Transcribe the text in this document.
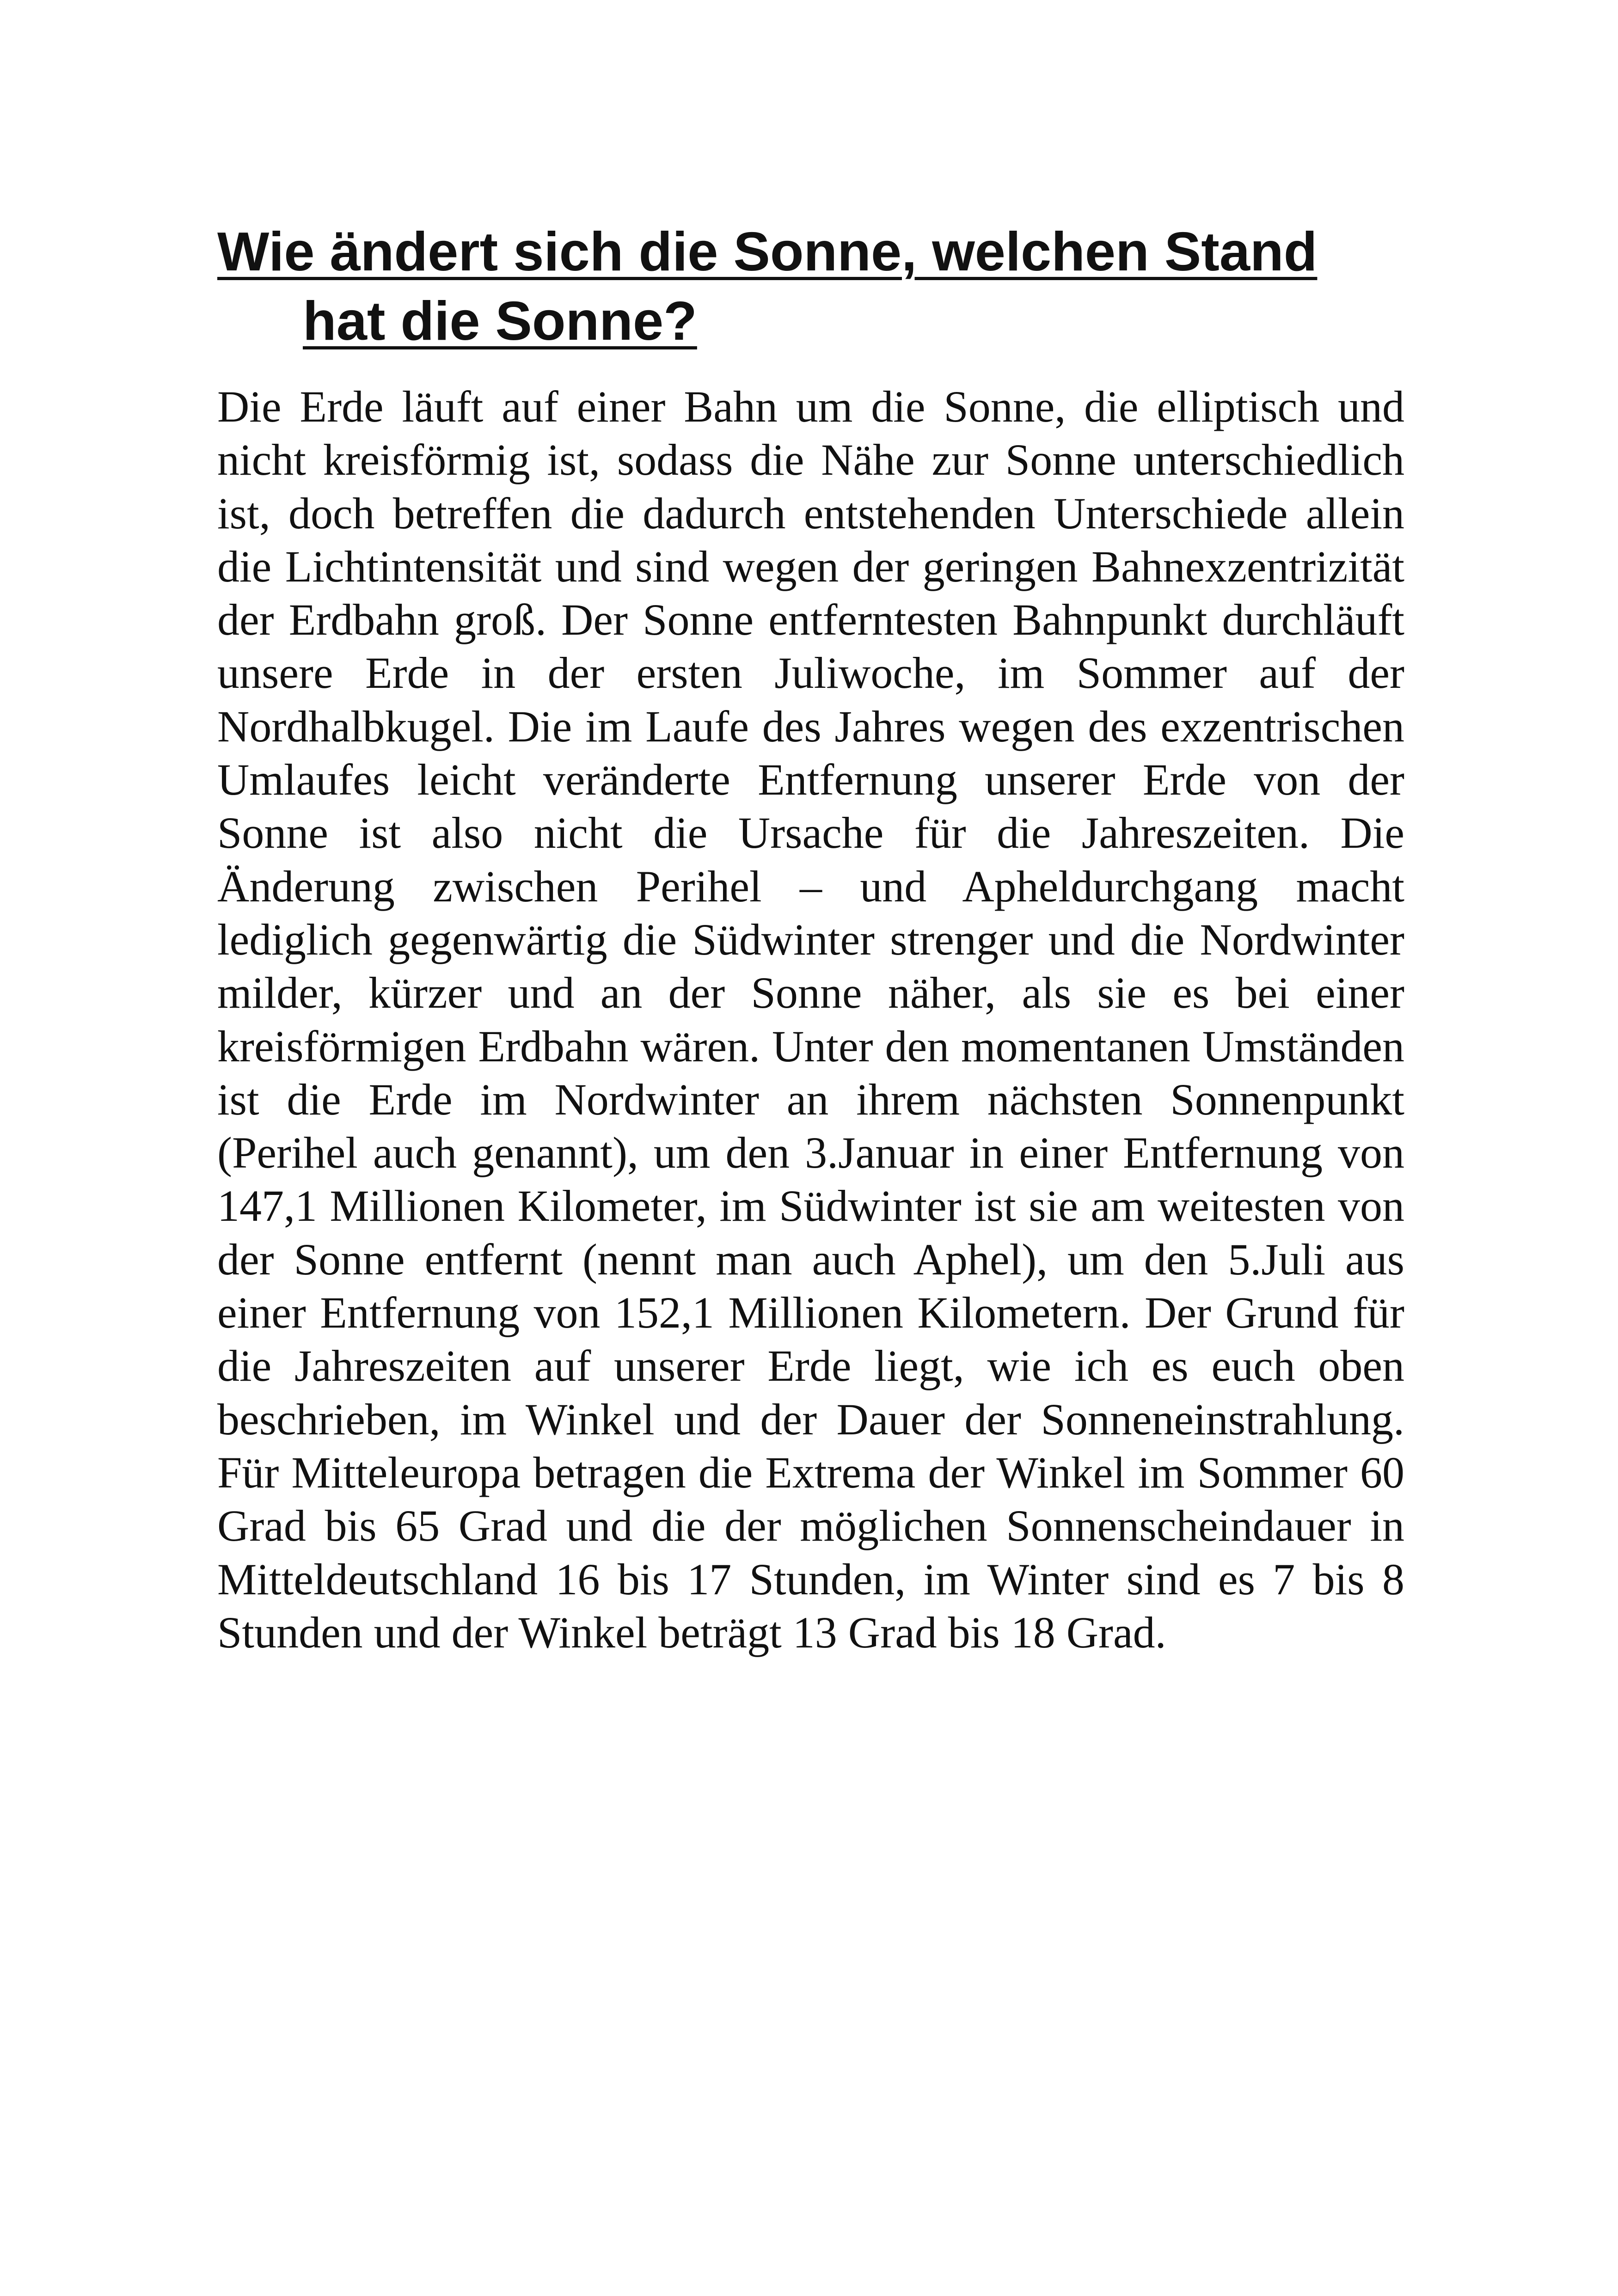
Wie ändert sich die Sonne, welchen Stand
hat die Sonne?

Die Erde läuft auf einer Bahn um die Sonne, die elliptisch und nicht kreisförmig ist, sodass die Nähe zur Sonne unterschiedlich ist, doch betreffen die dadurch entstehenden Unterschiede allein die Lichtintensität und sind wegen der geringen Bahnexzentrizität der Erdbahn groß. Der Sonne entferntesten Bahnpunkt durchläuft unsere Erde in der ersten Juliwoche, im Sommer auf der Nordhalbkugel. Die im Laufe des Jahres wegen des exzentrischen Umlaufes leicht veränderte Entfernung unserer Erde von der Sonne ist also nicht die Ursache für die Jahreszeiten. Die Änderung zwischen Perihel – und Apheldurchgang macht lediglich gegenwärtig die Südwinter strenger und die Nordwinter milder, kürzer und an der Sonne näher, als sie es bei einer kreisförmigen Erdbahn wären. Unter den momentanen Umständen ist die Erde im Nordwinter an ihrem nächsten Sonnenpunkt (Perihel auch genannt), um den 3.Januar in einer Entfernung von 147,1 Millionen Kilometer, im Südwinter ist sie am weitesten von der Sonne entfernt (nennt man auch Aphel), um den 5.Juli aus einer Entfernung von 152,1 Millionen Kilometern. Der Grund für die Jahreszeiten auf unserer Erde liegt, wie ich es euch oben beschrieben, im Winkel und der Dauer der Sonneneinstrahlung. Für Mitteleuropa betragen die Extrema der Winkel im Sommer 60 Grad bis 65 Grad und die der möglichen Sonnenscheindauer in Mitteldeutschland 16 bis 17 Stunden, im Winter sind es 7 bis 8 Stunden und der Winkel beträgt 13 Grad bis 18 Grad.
